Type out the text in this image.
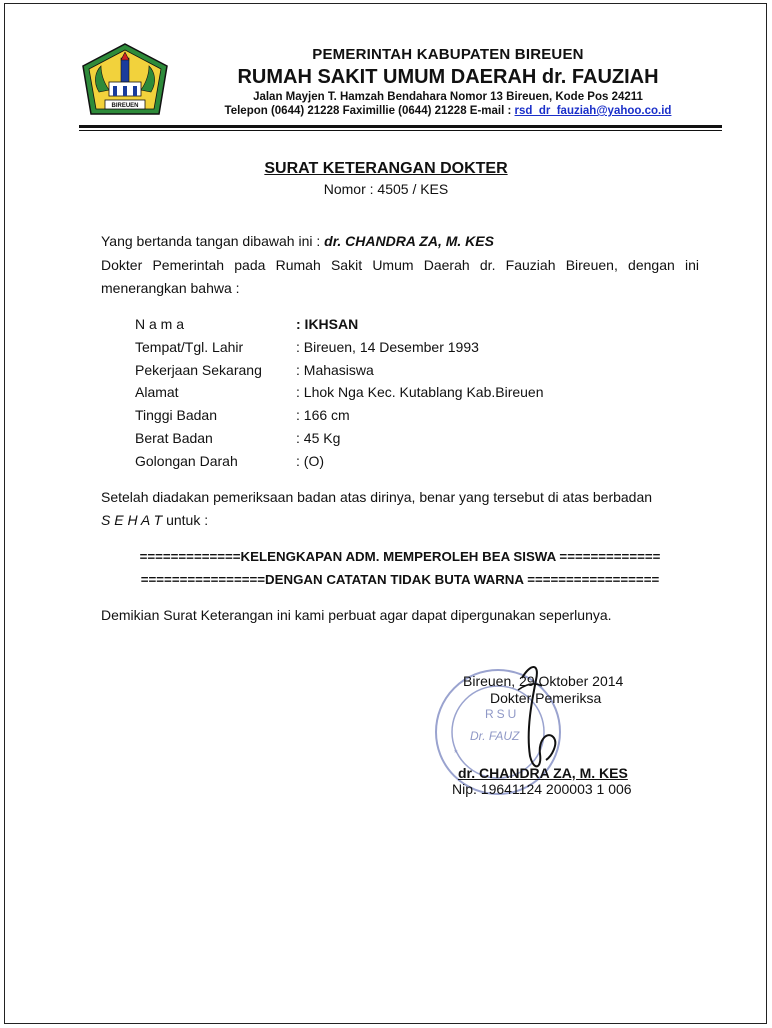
BIREUEN
PEMERINTAH KABUPATEN BIREUEN
RUMAH SAKIT UMUM DAERAH dr. FAUZIAH
Jalan Mayjen T. Hamzah Bendahara Nomor 13 Bireuen, Kode Pos 24211
Telepon (0644) 21228 Faximillie (0644) 21228 E-mail : rsd_dr_fauziah@yahoo.co.id
SURAT KETERANGAN DOKTER
Nomor : 4505 / KES
Yang bertanda tangan dibawah ini : dr. CHANDRA ZA, M. KES
Dokter Pemerintah pada Rumah Sakit Umum Daerah dr. Fauziah Bireuen, dengan ini menerangkan bahwa :
N a m a	: IKHSAN
Tempat/Tgl. Lahir	: Bireuen, 14 Desember 1993
Pekerjaan Sekarang : Mahasiswa
Alamat	: Lhok Nga Kec. Kutablang Kab.Bireuen
Tinggi Badan	: 166 cm
Berat Badan	: 45 Kg
Golongan Darah	: (O)
Setelah diadakan pemeriksaan badan atas dirinya, benar yang tersebut di atas berbadan
S E H A T untuk :
=============KELENGKAPAN ADM. MEMPEROLEH BEA SISWA =============
================DENGAN CATATAN TIDAK BUTA WARNA =================
Demikian Surat Keterangan ini kami perbuat agar dapat dipergunakan seperlunya.
RSU
Dr. FAUZ
*
Bireuen, 29 Oktober 2014
Dokter Pemeriksa
dr. CHANDRA ZA, M. KES
Nip. 19641124 200003 1 006
